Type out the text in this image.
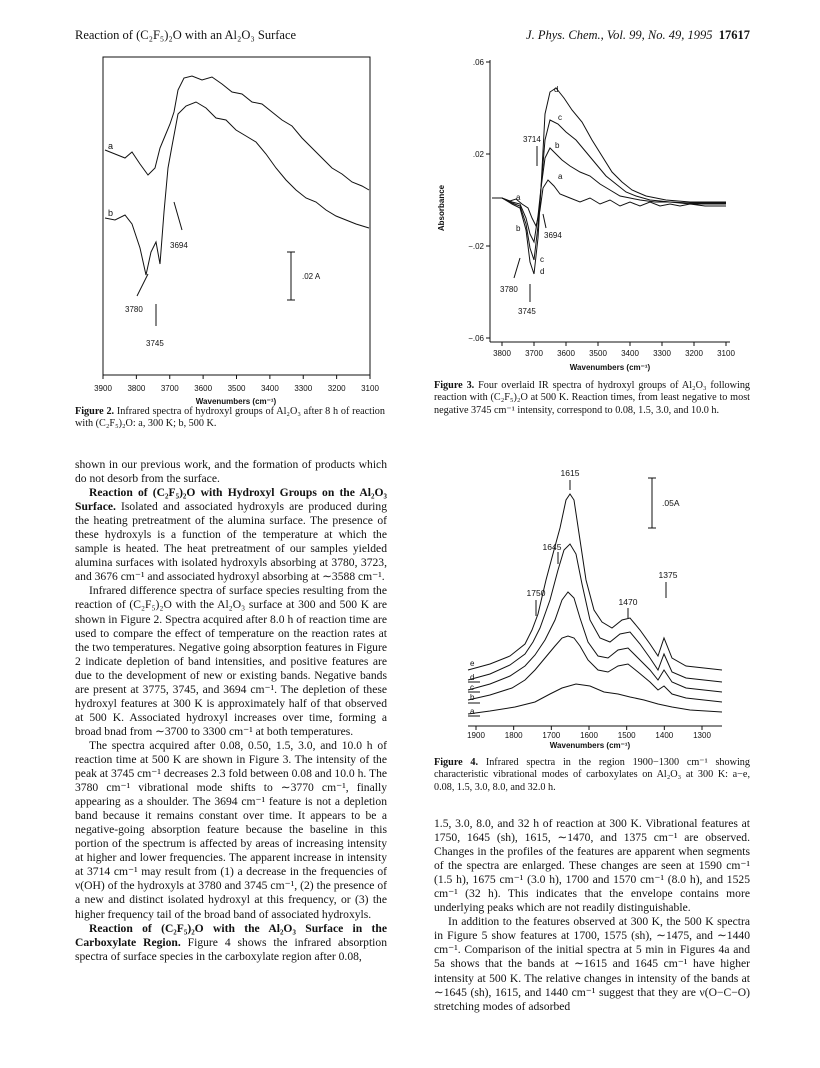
Reaction of (C₂F₅)₂O with an Al₂O₃ Surface	J. Phys. Chem., Vol. 99, No. 49, 1995 17617
a
b
3694
3780
3745
.02 A
3900 3800 3700 3600 3500 3400 3300 3200 3100
Wavenumbers (cm⁻¹)
Figure 2. Infrared spectra of hydroxyl groups of Al₂O₃ after 8 h of reaction with (C₂F₅)₂O: a, 300 K; b, 500 K.
.06
.02
−.02
−.06
Absorbance
d
c
b
a
a
b
c
d
3714
3694
3780
3745
3800 3700 3600 3500 3400 3300 3200 3100
Wavenumbers (cm⁻¹)
Figure 3. Four overlaid IR spectra of hydroxyl groups of Al₂O₃ following reaction with (C₂F₅)₂O at 500 K. Reaction times, from least negative to most negative 3745 cm⁻¹ intensity, correspond to 0.08, 1.5, 3.0, and 10.0 h.
a
b
c
d
e
1615
1645
1750
1470
1375
.05A
1900 1800 1700 1600 1500 1400 1300
Wavenumbers (cm⁻¹)
Figure 4. Infrared spectra in the region 1900−1300 cm⁻¹ showing characteristic vibrational modes of carboxylates on Al₂O₃ at 300 K: a−e, 0.08, 1.5, 3.0, 8.0, and 32.0 h.

shown in our previous work, and the formation of products which do not desorb from the surface.

Reaction of (C₂F₅)₂O with Hydroxyl Groups on the Al₂O₃ Surface. Isolated and associated hydroxyls are produced during the heating pretreatment of the alumina surface. The presence of these hydroxyls is a function of the temperature at which the sample is heated. The heat pretreatment of our samples yielded alumina surfaces with isolated hydroxyls absorbing at 3780, 3723, and 3676 cm⁻¹ and associated hydroxyl absorbing at ∼3588 cm⁻¹.

Infrared difference spectra of surface species resulting from the reaction of (C₂F₅)₂O with the Al₂O₃ surface at 300 and 500 K are shown in Figure 2. Spectra acquired after 8.0 h of reaction time are used to compare the effect of temperature on the reaction rates at the two temperatures. Negative going absorption features in Figure 2 indicate depletion of band intensities, and positive features are due to the development of new or existing bands. Negative bands are present at 3775, 3745, and 3694 cm⁻¹. The depletion of these hydroxyl features at 300 K is approximately half of that observed at 500 K. Associated hydroxyl increases over time, forming a broad bnad from ∼3700 to 3300 cm⁻¹ at both temperatures.

The spectra acquired after 0.08, 0.50, 1.5, 3.0, and 10.0 h of reaction time at 500 K are shown in Figure 3. The intensity of the peak at 3745 cm⁻¹ decreases 2.3 fold between 0.08 and 10.0 h. The 3780 cm⁻¹ vibrational mode shifts to ∼3770 cm⁻¹, finally appearing as a shoulder. The 3694 cm⁻¹ feature is not a depletion band because it remains constant over time. It appears to be a negative-going absorption feature because the baseline in this portion of the spectrum is affected by areas of increasing intensity at higher and lower frequencies. The apparent increase in intensity at 3714 cm⁻¹ may result from (1) a decrease in the frequencies of ν(OH) of the hydroxyls at 3780 and 3745 cm⁻¹, (2) the presence of a new and distinct isolated hydroxyl at this frequency, or (3) the higher frequency tail of the broad band of associated hydroxyls.

Reaction of (C₂F₅)₂O with the Al₂O₃ Surface in the Carboxylate Region. Figure 4 shows the infrared absorption spectra of surface species in the carboxylate region after 0.08,

1.5, 3.0, 8.0, and 32 h of reaction at 300 K. Vibrational features at 1750, 1645 (sh), 1615, ∼1470, and 1375 cm⁻¹ are observed. Changes in the profiles of the features are apparent when segments of the spectra are enlarged. These changes are seen at 1590 cm⁻¹ (1.5 h), 1675 cm⁻¹ (3.0 h), 1700 and 1570 cm⁻¹ (8.0 h), and 1525 cm⁻¹ (32 h). This indicates that the envelope contains more underlying peaks which are not readily distinguishable.

In addition to the features observed at 300 K, the 500 K spectra in Figure 5 show features at 1700, 1575 (sh), ∼1475, and ∼1440 cm⁻¹. Comparison of the initial spectra at 5 min in Figures 4a and 5a shows that the bands at ∼1615 and 1645 cm⁻¹ have higher intensity at 500 K. The relative changes in intensity of the bands at ∼1645 (sh), 1615, and 1440 cm⁻¹ suggest that they are ν(O−C−O) stretching modes of adsorbed
